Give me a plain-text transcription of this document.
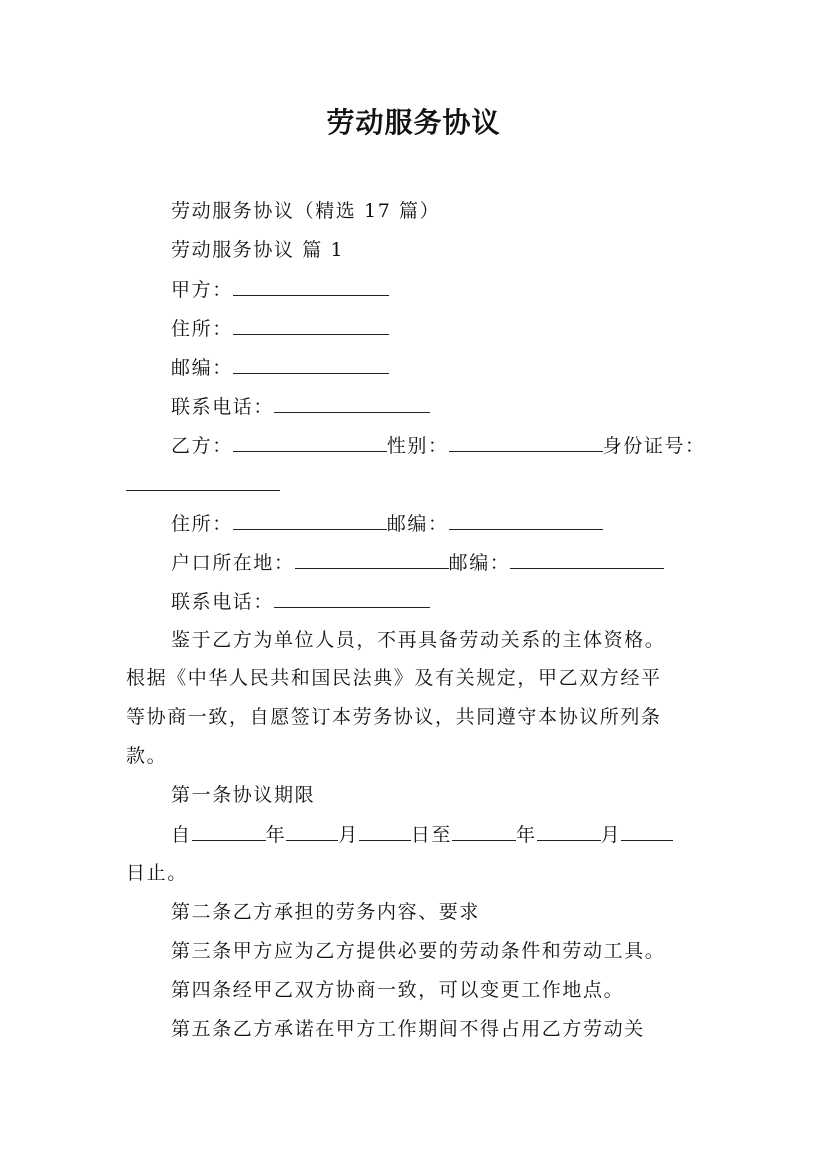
劳动服务协议
劳动服务协议（精选 17 篇）
劳动服务协议 篇 1
甲方：
住所：
邮编：
联系电话：
乙方：	性别：	身份证号：
住所：	邮编：
户口所在地：	邮编：
联系电话：
鉴于乙方为单位人员，不再具备劳动关系的主体资格。
根据《中华人民共和国民法典》及有关规定，甲乙双方经平
等协商一致，自愿签订本劳务协议，共同遵守本协议所列条
款。
第一条协议期限
自	年	月	日至	年	月
日止。
第二条乙方承担的劳务内容、要求
第三条甲方应为乙方提供必要的劳动条件和劳动工具。
第四条经甲乙双方协商一致，可以变更工作地点。
第五条乙方承诺在甲方工作期间不得占用乙方劳动关
